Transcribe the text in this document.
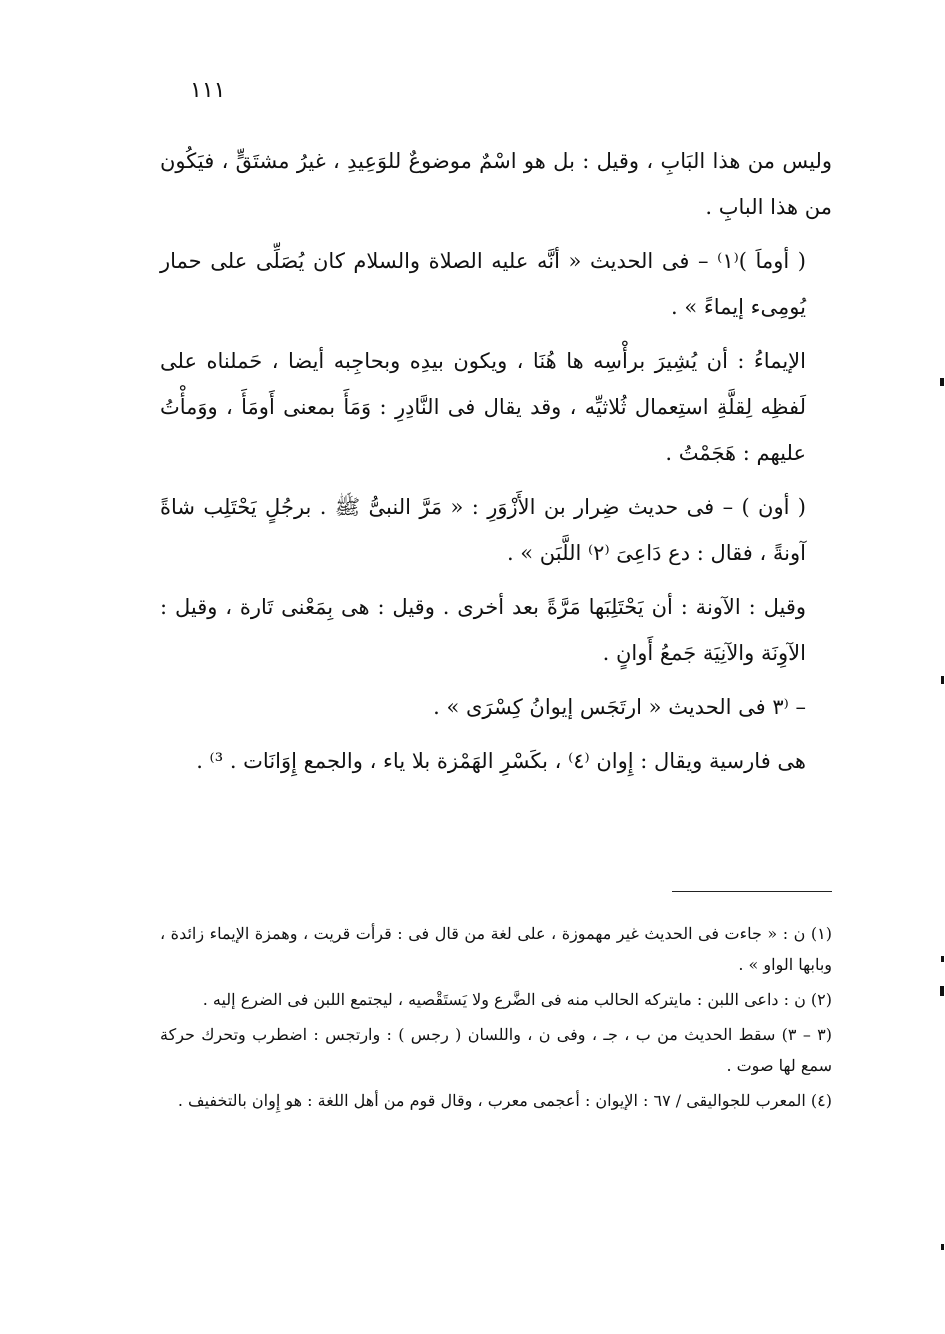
١١١

وليس من هذا البَابِ ، وقيل : بل هو اسْمٌ موضوعٌ للوَعِيدِ ، غيرُ مشتَقٍّ ، فيَكُون من هذا البابِ .

( أوماَ )⁽١⁾ – فى الحديث « أنَّه عليه الصلاة والسلام كان يُصَلِّى على حمار يُومِىء إيماءً » .

الإيماءُ : أن يُشِيرَ برأْسِه ها هُنَا ، ويكون بيدِه وبحاجِبه أيضا ، حَملناه على لَفظِه لِقلَّةِ استِعمال ثُلاثيِّه ، وقد يقال فى النَّادِرِ : وَمَأَ بمعنى أَومَأَ ، ووَمأْتُ عليهم : هَجَمْتُ .

( أون ) – فى حديث ضِرار بن الأَزْوَرِ : « مَرَّ النبىُّ ﷺ . برجُلٍ يَحْتَلِب شاةً آونةً ، فقال : دع دَاعِىَ ⁽٢⁾ اللَّبَن » .

وقيل : الآونة : أن يَحْتَلِبَها مَرَّةً بعد أخرى . وقيل : هى بِمَعْنى تَارة ، وقيل : الآوِنَة والآنِيَة جَمعُ أَوانٍ .

– ⁽٣ فى الحديث « ارتَجَس إيوانُ كِسْرَى » .

هى فارسية ويقال : إِوان ⁽٤⁾ ، بكَسْرِ الهَمْزة بلا ياء ، والجمع إِوَانَات . ³⁾ .

(١) ن : « جاءت فى الحديث غير مهموزة ، على لغة من قال فى : قرأت قريت ، وهمزة الإيماء زائدة ، وبابها الواو » .

(٢) ن : داعى اللبن : مايتركه الحالب منه فى الضَّرع ولا يَستَقْصيه ، ليجتمع اللبن فى الضرع إليه .

(٣ – ٣) سقط الحديث من ب ، جـ ، وفى ن ، واللسان ( رجس ) : وارتجس : اضطرب وتحرك حركة سمع لها صوت .

(٤) المعرب للجواليقى / ٦٧ : الإيوان : أعجمى معرب ، وقال قوم من أهل اللغة : هو إِوان بالتخفيف .
